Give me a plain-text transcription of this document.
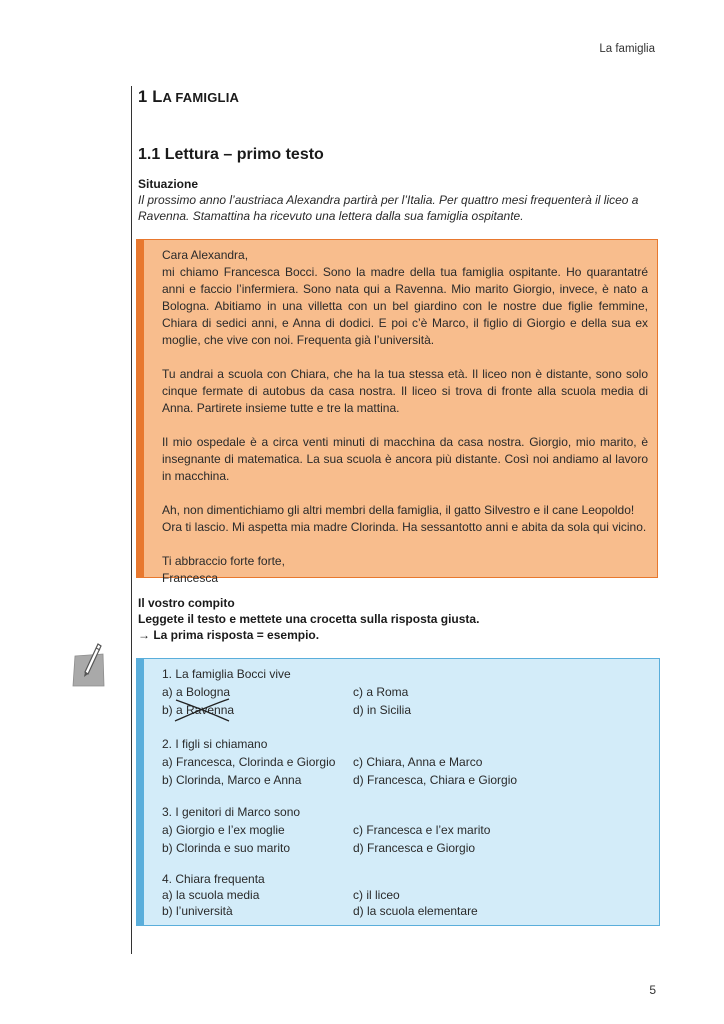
La famiglia
1 LA FAMIGLIA
1.1 Lettura – primo testo
Situazione
Il prossimo anno l’austriaca Alexandra partirà per l’Italia. Per quattro mesi frequenterà il liceo a Ravenna. Stamattina ha ricevuto una lettera dalla sua famiglia ospitante.

Cara Alexandra,
mi chiamo Francesca Bocci. Sono la madre della tua famiglia ospitante. Ho quarantatré anni e faccio l’infermiera. Sono nata qui a Ravenna. Mio marito Giorgio, invece, è nato a Bologna. Abitiamo in una villetta con un bel giardino con le nostre due figlie femmine, Chiara di sedici anni, e Anna di dodici. E poi c’è Marco, il figlio di Giorgio e della sua ex moglie, che vive con noi. Frequenta già l’università.

Tu andrai a scuola con Chiara, che ha la tua stessa età. Il liceo non è distante, sono solo cinque fermate di autobus da casa nostra. Il liceo si trova di fronte alla scuola media di Anna. Partirete insieme tutte e tre la mattina.

Il mio ospedale è a circa venti minuti di macchina da casa nostra. Giorgio, mio marito, è insegnante di matematica. La sua scuola è ancora più distante. Così noi andiamo al lavoro in macchina.

Ah, non dimentichiamo gli altri membri della famiglia, il gatto Silvestro e il cane Leopoldo!
Ora ti lascio. Mi aspetta mia madre Clorinda. Ha sessantotto anni e abita da sola qui vicino.

Ti abbraccio forte forte,
Francesca

Il vostro compito
Leggete il testo e mettete una crocetta sulla risposta giusta.
→ La prima risposta = esempio.
1. La famiglia Bocci vive
a) a Bologna	c) a Roma
b) a Ravenna	d) in Sicilia
2. I figli si chiamano
a) Francesca, Clorinda e Giorgio c) Chiara, Anna e Marco
b) Clorinda, Marco e Anna	d) Francesca, Chiara e Giorgio
3. I genitori di Marco sono
a) Giorgio e l’ex moglie	c) Francesca e l’ex marito
b) Clorinda e suo marito	d) Francesca e Giorgio
4. Chiara frequenta
a) la scuola media	c) il liceo
b) l’università	d) la scuola elementare
5
